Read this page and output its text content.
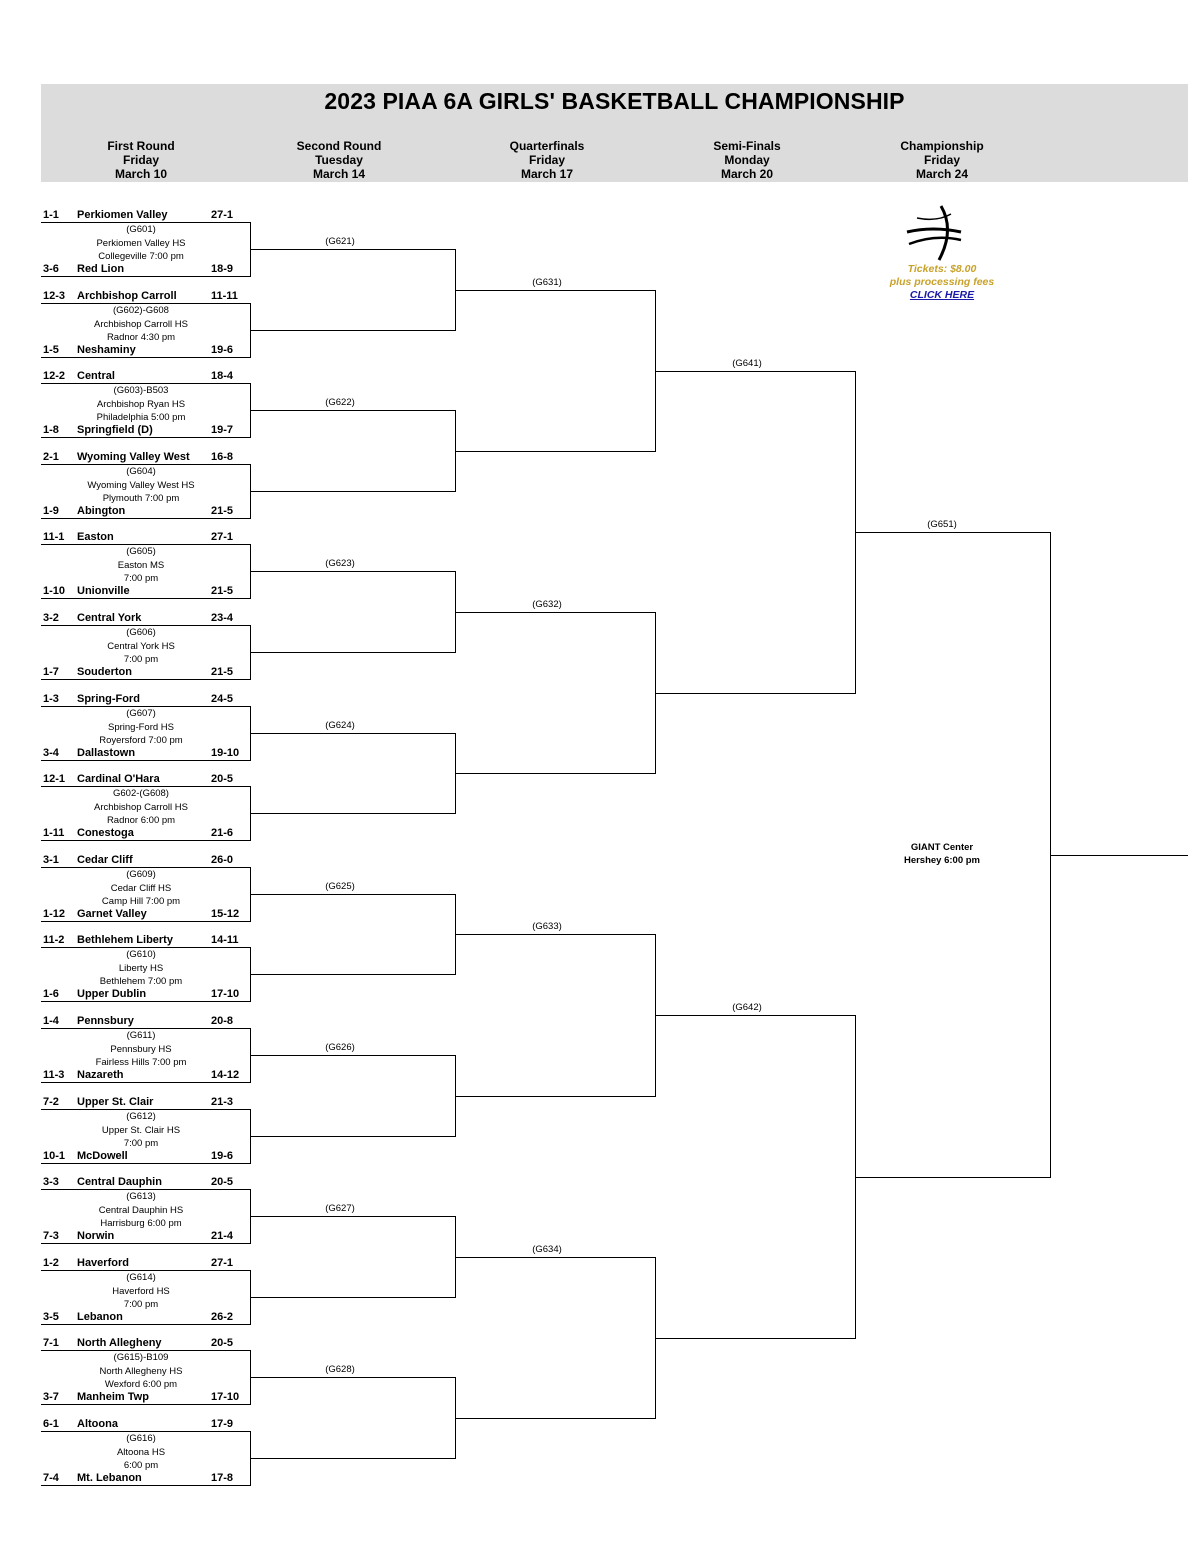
2023 PIAA 6A GIRLS' BASKETBALL CHAMPIONSHIP
First Round
Friday
March 10
Second Round
Tuesday
March 14
Quarterfinals
Friday
March 17
Semi-Finals
Monday
March 20
Championship
Friday
March 24
1-1 Perkiomen Valley	27-1
3-6 Red Lion	18-9
(G601)
Perkiomen Valley HS
Collegeville 7:00 pm
12-3 Archbishop Carroll	11-11
1-5 Neshaminy	19-6
(G602)-G608
Archbishop Carroll HS
Radnor 4:30 pm
12-2 Central	18-4
1-8 Springfield (D)	19-7
(G603)-B503
Archbishop Ryan HS
Philadelphia 5:00 pm
2-1 Wyoming Valley West 16-8
1-9 Abington	21-5
(G604)
Wyoming Valley West HS
Plymouth 7:00 pm
11-1 Easton	27-1
1-10 Unionville	21-5
(G605)
Easton MS
7:00 pm
3-2 Central York	23-4
1-7 Souderton	21-5
(G606)
Central York HS
7:00 pm
1-3 Spring-Ford	24-5
3-4 Dallastown	19-10
(G607)
Spring-Ford HS
Royersford 7:00 pm
12-1 Cardinal O'Hara	20-5
1-11 Conestoga	21-6
G602-(G608)
Archbishop Carroll HS
Radnor 6:00 pm
3-1 Cedar Cliff	26-0
1-12 Garnet Valley	15-12
(G609)
Cedar Cliff HS
Camp Hill 7:00 pm
11-2 Bethlehem Liberty	14-11
1-6 Upper Dublin	17-10
(G610)
Liberty HS
Bethlehem 7:00 pm
1-4 Pennsbury	20-8
11-3 Nazareth	14-12
(G611)
Pennsbury HS
Fairless Hills 7:00 pm
7-2 Upper St. Clair	21-3
10-1 McDowell	19-6
(G612)
Upper St. Clair HS
7:00 pm
3-3 Central Dauphin	20-5
7-3 Norwin	21-4
(G613)
Central Dauphin HS
Harrisburg 6:00 pm
1-2 Haverford	27-1
3-5 Lebanon	26-2
(G614)
Haverford HS
7:00 pm
7-1 North Allegheny	20-5
3-7 Manheim Twp	17-10
(G615)-B109
North Allegheny HS
Wexford 6:00 pm
6-1 Altoona	17-9
7-4 Mt. Lebanon	17-8
(G616)
Altoona HS
6:00 pm
(G621)
(G622)
(G623)
(G624)
(G625)
(G626)
(G627)
(G628)
(G631)
(G632)
(G633)
(G634)
(G641)
(G642)
(G651)
Tickets: $8.00
plus processing fees
CLICK HERE
GIANT Center
Hershey 6:00 pm
